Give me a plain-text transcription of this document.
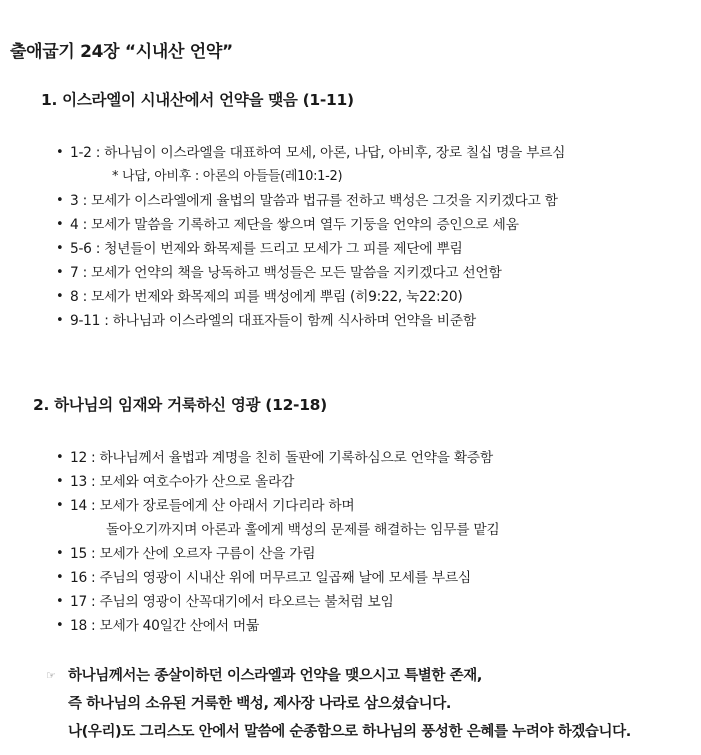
출애굽기 24장 “시내산 언약”
1. 이스라엘이 시내산에서 언약을 맺음 (1-11)
• 1-2 : 하나님이 이스라엘을 대표하여 모세, 아론, 나답, 아비후, 장로 칠십 명을 부르심
* 나답, 아비후 : 아론의 아들들(레10:1-2)
• 3 : 모세가 이스라엘에게 율법의 말씀과 법규를 전하고 백성은 그것을 지키겠다고 함
• 4 : 모세가 말씀을 기록하고 제단을 쌓으며 열두 기둥을 언약의 증인으로 세움
• 5-6 : 청년들이 번제와 화목제를 드리고 모세가 그 피를 제단에 뿌림
• 7 : 모세가 언약의 책을 낭독하고 백성들은 모든 말씀을 지키겠다고 선언함
• 8 : 모세가 번제와 화목제의 피를 백성에게 뿌림 (히9:22, 눅22:20)
• 9-11 : 하나님과 이스라엘의 대표자들이 함께 식사하며 언약을 비준함
2. 하나님의 임재와 거룩하신 영광 (12-18)
• 12 : 하나님께서 율법과 계명을 친히 돌판에 기록하심으로 언약을 확증함
• 13 : 모세와 여호수아가 산으로 올라감
• 14 : 모세가 장로들에게 산 아래서 기다리라 하며
돌아오기까지며 아론과 훌에게 백성의 문제를 해결하는 임무를 맡김
• 15 : 모세가 산에 오르자 구름이 산을 가림
• 16 : 주님의 영광이 시내산 위에 머무르고 일곱째 날에 모세를 부르심
• 17 : 주님의 영광이 산꼭대기에서 타오르는 불처럼 보임
• 18 : 모세가 40일간 산에서 머묾
☞ 하나님께서는 종살이하던 이스라엘과 언약을 맺으시고 특별한 존재,
즉 하나님의 소유된 거룩한 백성, 제사장 나라로 삼으셨습니다.
나(우리)도 그리스도 안에서 말씀에 순종함으로 하나님의 풍성한 은혜를 누려야 하겠습니다.
